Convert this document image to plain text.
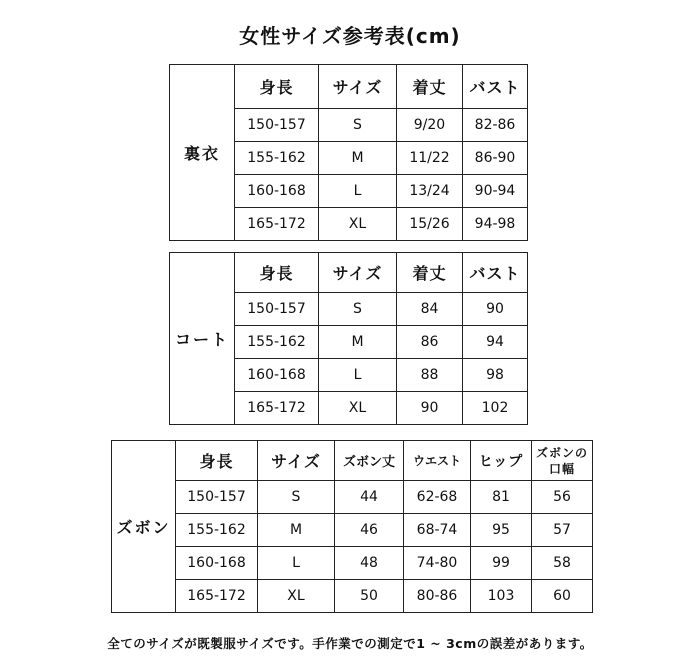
女性サイズ参考表(cm)
裏衣	身長	サイズ	着丈	バスト
	150-157	S	9/20	82-86
	155-162	M	11/22	86-90
	160-168	L	13/24	90-94
	165-172	XL	15/26	94-98
コート	身長	サイズ	着丈	バスト
	150-157	S	84	90
	155-162	M	86	94
	160-168	L	88	98
	165-172	XL	90	102
ズボン	身長	サイズ	ズボン丈	ウエスト	ヒップ	ズボンの口幅
	150-157	S	44	62-68	81	56
	155-162	M	46	68-74	95	57
	160-168	L	48	74-80	99	58
	165-172	XL	50	80-86	103	60
全てのサイズが既製服サイズです。手作業での測定で1 ~ 3cmの誤差があります。
